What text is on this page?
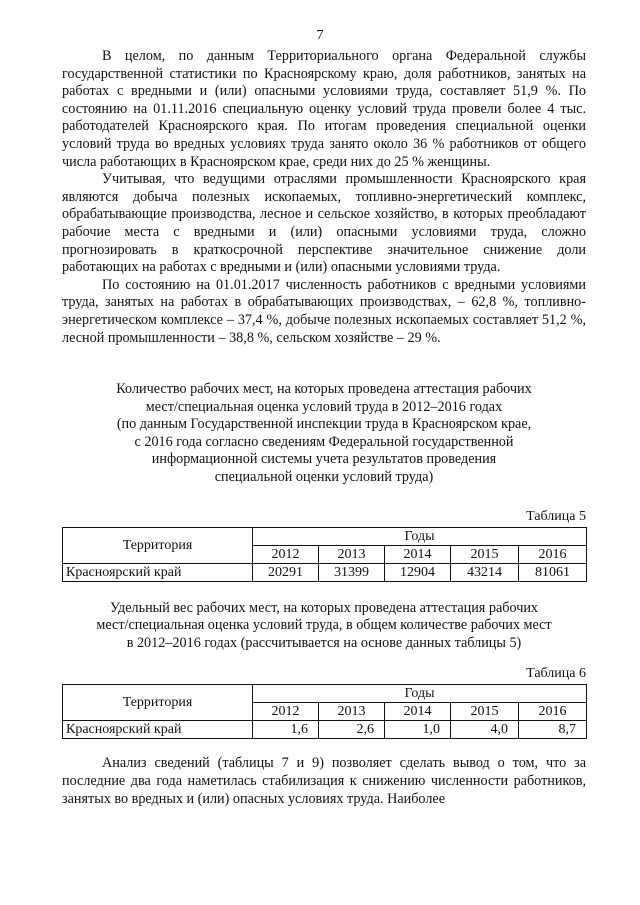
7

В целом, по данным Территориального органа Федеральной службы государственной статистики по Красноярскому краю, доля работников, занятых на работах с вредными и (или) опасными условиями труда, составляет 51,9 %. По состоянию на 01.11.2016 специальную оценку условий труда провели более 4 тыс. работодателей Красноярского края. По итогам проведения специальной оценки условий труда во вредных условиях труда занято около 36 % работников от общего числа работающих в Красноярском крае, среди них до 25 % женщины.

Учитывая, что ведущими отраслями промышленности Красноярского края являются добыча полезных ископаемых, топливно-энергетический комплекс, обрабатывающие производства, лесное и сельское хозяйство, в которых преобладают рабочие места с вредными и (или) опасными условиями труда, сложно прогнозировать в краткосрочной перспективе значительное снижение доли работающих на работах с вредными и (или) опасными условиями труда.

По состоянию на 01.01.2017 численность работников с вредными условиями труда, занятых на работах в обрабатывающих производствах, – 62,8 %, топливно-энергетическом комплексе – 37,4 %, добыче полезных ископаемых составляет 51,2 %, лесной промышленности – 38,8 %, сельском хозяйстве – 29 %.

Количество рабочих мест, на которых проведена аттестация рабочих
мест/специальная оценка условий труда в 2012–2016 годах
(по данным Государственной инспекции труда в Красноярском крае,
с 2016 года согласно сведениям Федеральной государственной
информационной системы учета результатов проведения
специальной оценки условий труда)
Таблица 5
Территория	Годы				
	2012	2013	2014	2015	2016
Красноярский край	20291	31399	12904	43214	81061
Удельный вес рабочих мест, на которых проведена аттестация рабочих
мест/специальная оценка условий труда, в общем количестве рабочих мест
в 2012–2016 годах (рассчитывается на основе данных таблицы 5)
Таблица 6
Территория	Годы				
	2012	2013	2014	2015	2016
Красноярский край	1,6	2,6	1,0	4,0	8,7

Анализ сведений (таблицы 7 и 9) позволяет сделать вывод о том, что за последние два года наметилась стабилизация к снижению численности работников, занятых во вредных и (или) опасных условиях труда. Наиболее
